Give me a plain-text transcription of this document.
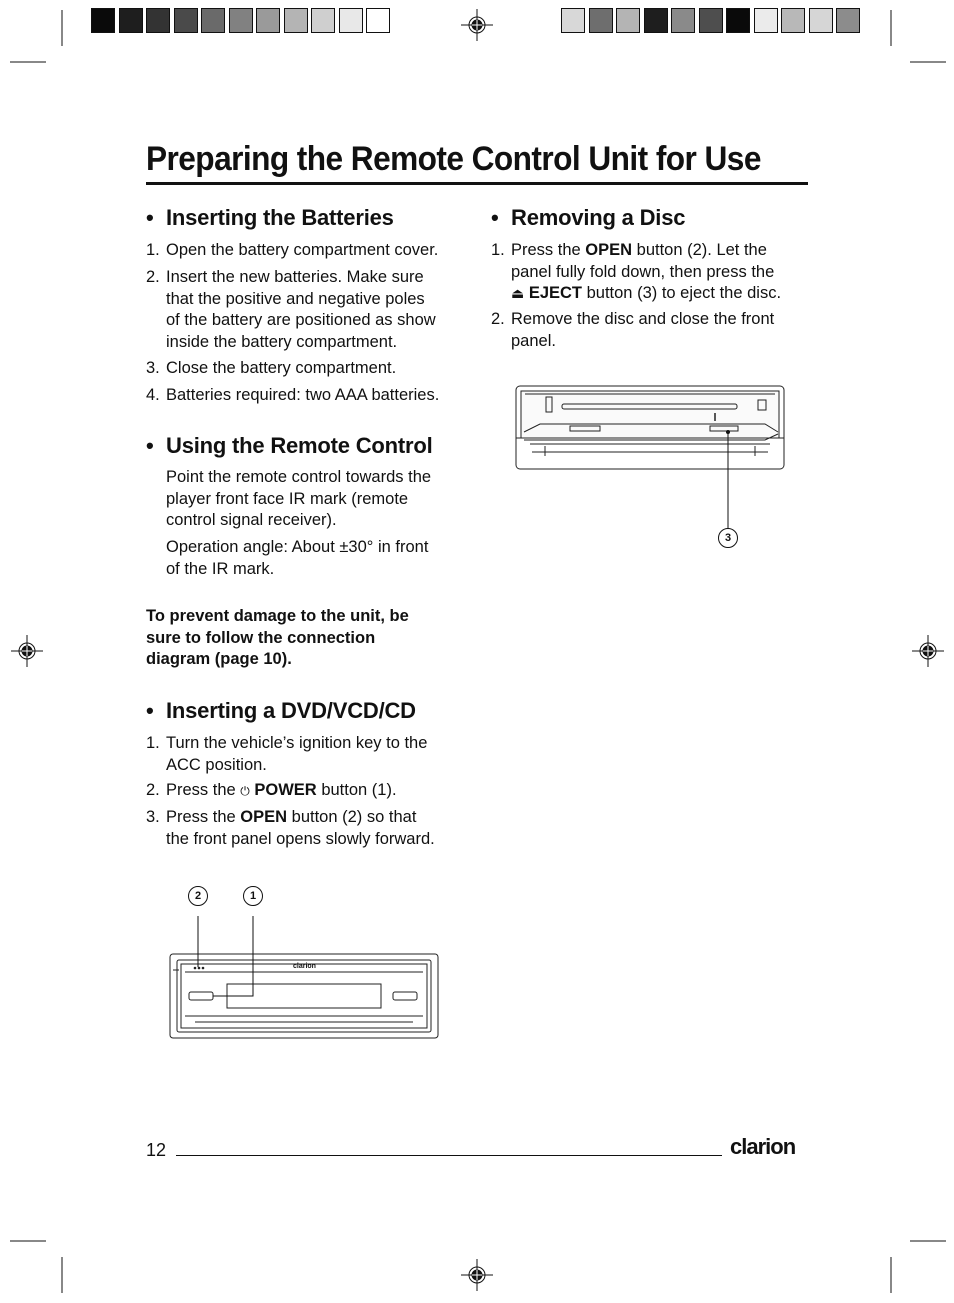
Preparing the Remote Control Unit for Use
• Inserting the Batteries
1. Open the battery compartment cover.
2. Insert the new batteries. Make sure
that the positive and negative poles
of the battery are positioned as show
inside the battery compartment.
3. Close the battery compartment.
4. Batteries required: two AAA batteries.
• Using the Remote Control
Point the remote control towards the
player front face IR mark (remote
control signal receiver).
Operation angle: About ±30° in front
of the IR mark.
To prevent damage to the unit, be
sure to follow the connection
diagram (page 10).
• Inserting a DVD/VCD/CD
1. Turn the vehicle’s ignition key to the
ACC position.
2. Press the ⏻ POWER button (1).
3. Press the OPEN button (2) so that
the front panel opens slowly forward.
• Removing a Disc
1. Press the OPEN button (2). Let the
panel fully fold down, then press the
⏏ EJECT button (3) to eject the disc.
2. Remove the disc and close the front
panel.
3
clarion
2	1
12	clarion
